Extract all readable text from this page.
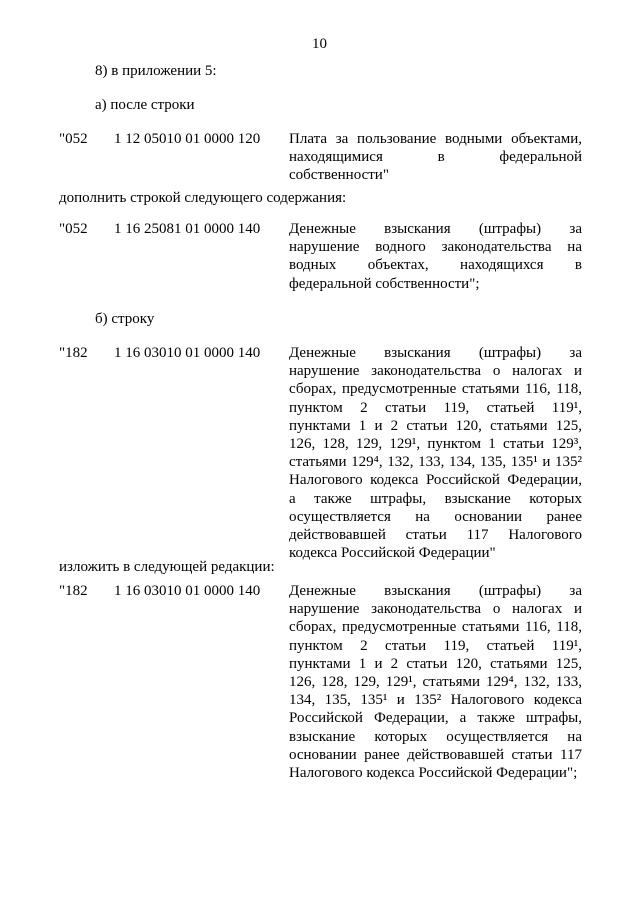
10
8) в приложении 5:
а) после строки
"052 1 12 05010 01 0000 120 Плата за пользование водными объектами,
находящимися в федеральной
собственности"
дополнить строкой следующего содержания:
"052 1 16 25081 01 0000 140 Денежные взыскания (штрафы) за
нарушение водного законодательства на
водных объектах, находящихся в
федеральной собственности";
б) строку
"182 1 16 03010 01 0000 140 Денежные взыскания (штрафы) за
нарушение законодательства о налогах и
сборах, предусмотренные статьями 116, 118,
пунктом 2 статьи 119, статьей 119¹,
пунктами 1 и 2 статьи 120, статьями 125,
126, 128, 129, 129¹, пунктом 1 статьи 129³,
статьями 129⁴, 132, 133, 134, 135, 135¹ и 135²
Налогового кодекса Российской Федерации,
а также штрафы, взыскание которых
осуществляется на основании ранее
действовавшей статьи 117 Налогового
кодекса Российской Федерации"
изложить в следующей редакции:
"182 1 16 03010 01 0000 140 Денежные взыскания (штрафы) за
нарушение законодательства о налогах и
сборах, предусмотренные статьями 116, 118,
пунктом 2 статьи 119, статьей 119¹,
пунктами 1 и 2 статьи 120, статьями 125,
126, 128, 129, 129¹, статьями 129⁴, 132, 133,
134, 135, 135¹ и 135² Налогового кодекса
Российской Федерации, а также штрафы,
взыскание которых осуществляется на
основании ранее действовавшей статьи 117
Налогового кодекса Российской Федерации";
